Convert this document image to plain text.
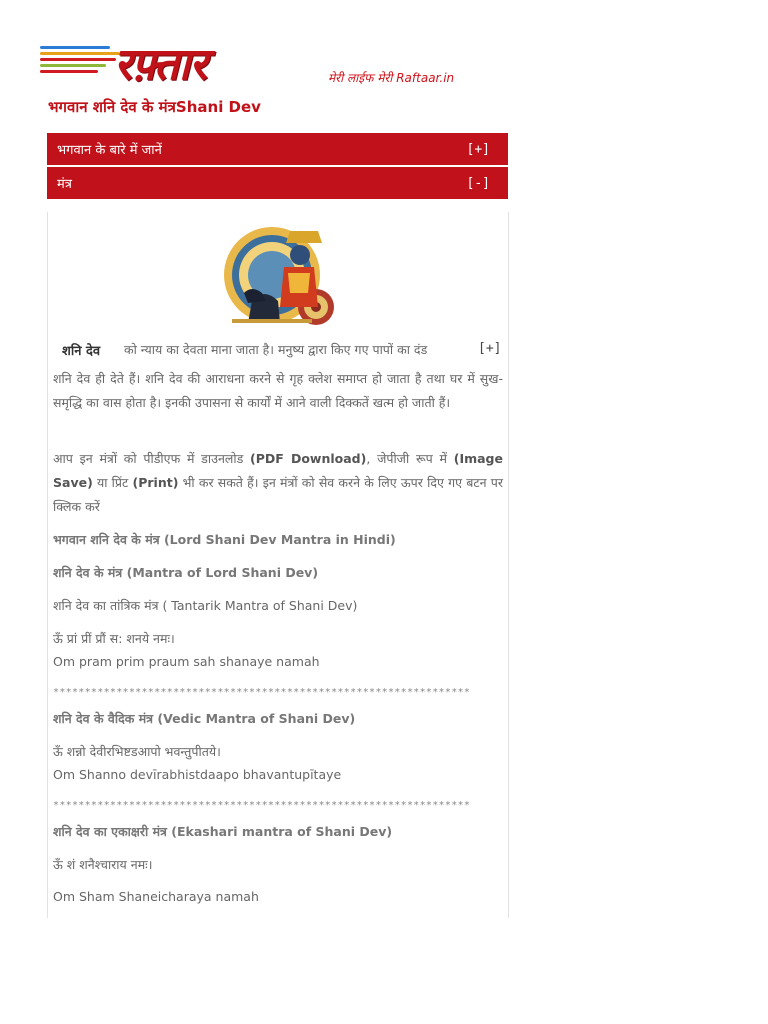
रफ़्तार	मेरी लाईफ मेरी Raftaar.in
भगवान शनि देव के मंत्रShani Dev
भगवान के बारे में जानें	[+]
मंत्र	[-]
शनि देव को न्याय का देवता माना जाता है। मनुष्य द्वारा किए गए पापों का दंड	[+]

शनि देव ही देते हैं। शनि देव की आराधना करने से गृह क्लेश समाप्त हो जाता है तथा घर में सुख-समृद्धि का वास होता है। इनकी उपासना से कार्यों में आने वाली दिक्कतें खत्म हो जाती हैं।

आप इन मंत्रों को पीडीएफ में डाउनलोड (PDF Download), जेपीजी रूप में (Image Save) या प्रिंट (Print) भी कर सकते हैं। इन मंत्रों को सेव करने के लिए ऊपर दिए गए बटन पर क्लिक करें

भगवान शनि देव के मंत्र (Lord Shani Dev Mantra in Hindi)
शनि देव के मंत्र (Mantra of Lord Shani Dev)
शनि देव का तांत्रिक मंत्र ( Tantarik Mantra of Shani Dev)
ऊँ प्रां प्रीं प्रौं स: शनये नमः।
Om pram prim praum sah shanaye namah
******************************************************************
शनि देव के वैदिक मंत्र (Vedic Mantra of Shani Dev)
ऊँ शन्नो देवीरभिष्टडआपो भवन्तुपीतये।
Om Shanno devīrabhistdaapo bhavantupītaye
******************************************************************
शनि देव का एकाक्षरी मंत्र (Ekashari mantra of Shani Dev)
ऊँ शं शनैश्चाराय नमः।
Om Sham Shaneicharaya namah
